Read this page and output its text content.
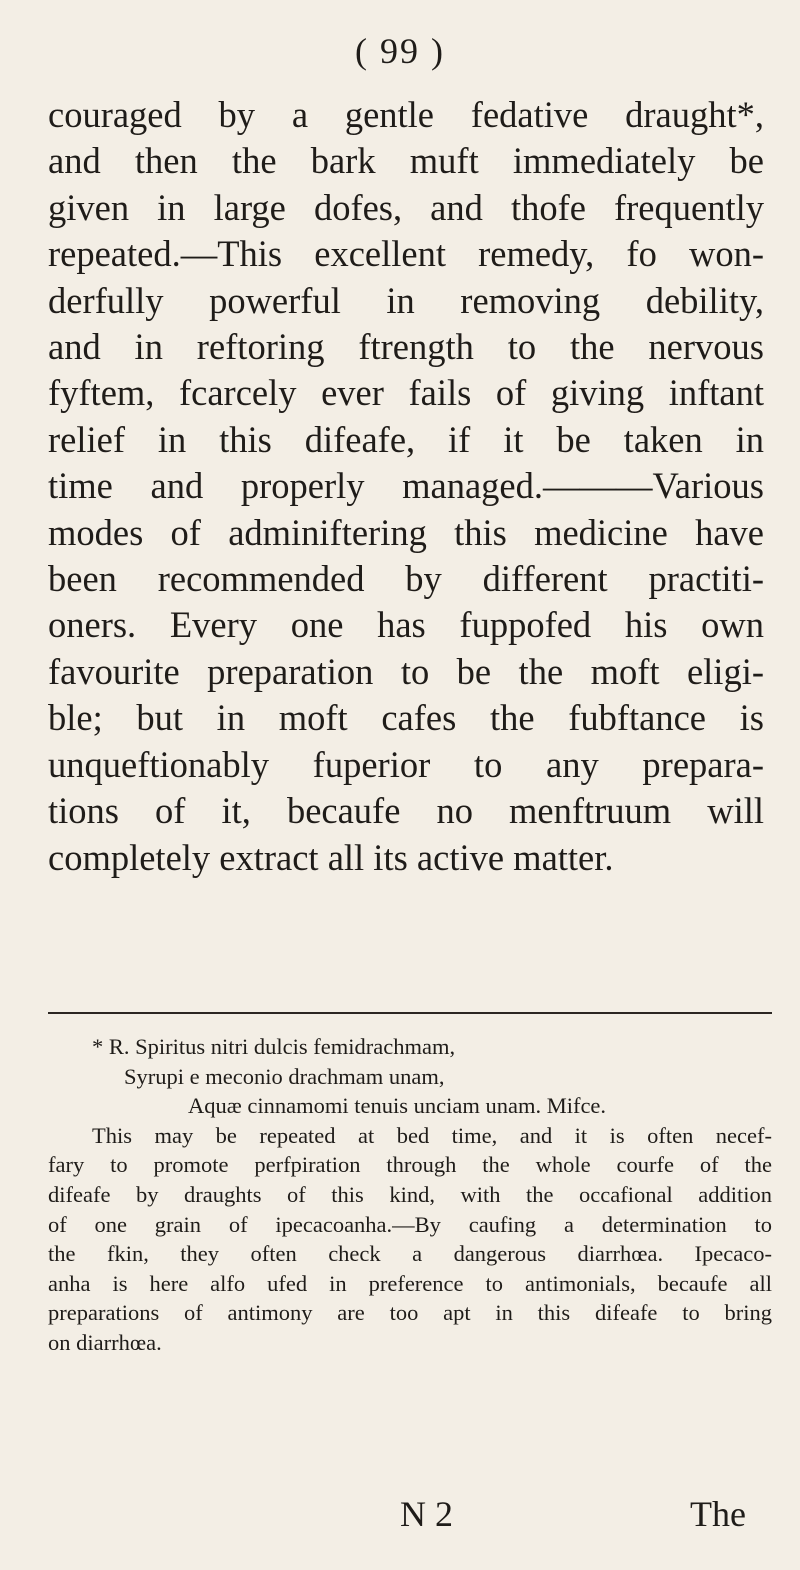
( 99 )
couraged by a gentle fedative draught*,
and then the bark muft immediately be
given in large dofes, and thofe frequently
repeated.—This excellent remedy, fo won-
derfully powerful in removing debility,
and in reftoring ftrength to the nervous
fyftem, fcarcely ever fails of giving inftant
relief in this difeafe, if it be taken in
time and properly managed.———Various
modes of adminiftering this medicine have
been recommended by different practiti-
oners. Every one has fuppofed his own
favourite preparation to be the moft eligi-
ble; but in moft cafes the fubftance is
unqueftionably fuperior to any prepara-
tions of it, becaufe no menftruum will
completely extract all its active matter.
* R. Spiritus nitri dulcis femidrachmam,
Syrupi e meconio drachmam unam,
Aquæ cinnamomi tenuis unciam unam. Mifce.
This may be repeated at bed time, and it is often necef-
fary to promote perfpiration through the whole courfe of the
difeafe by draughts of this kind, with the occafional addition
of one grain of ipecacoanha.—By caufing a determination to
the fkin, they often check a dangerous diarrhœa. Ipecaco-
anha is here alfo ufed in preference to antimonials, becaufe all
preparations of antimony are too apt in this difeafe to bring
on diarrhœa.
N 2	The
